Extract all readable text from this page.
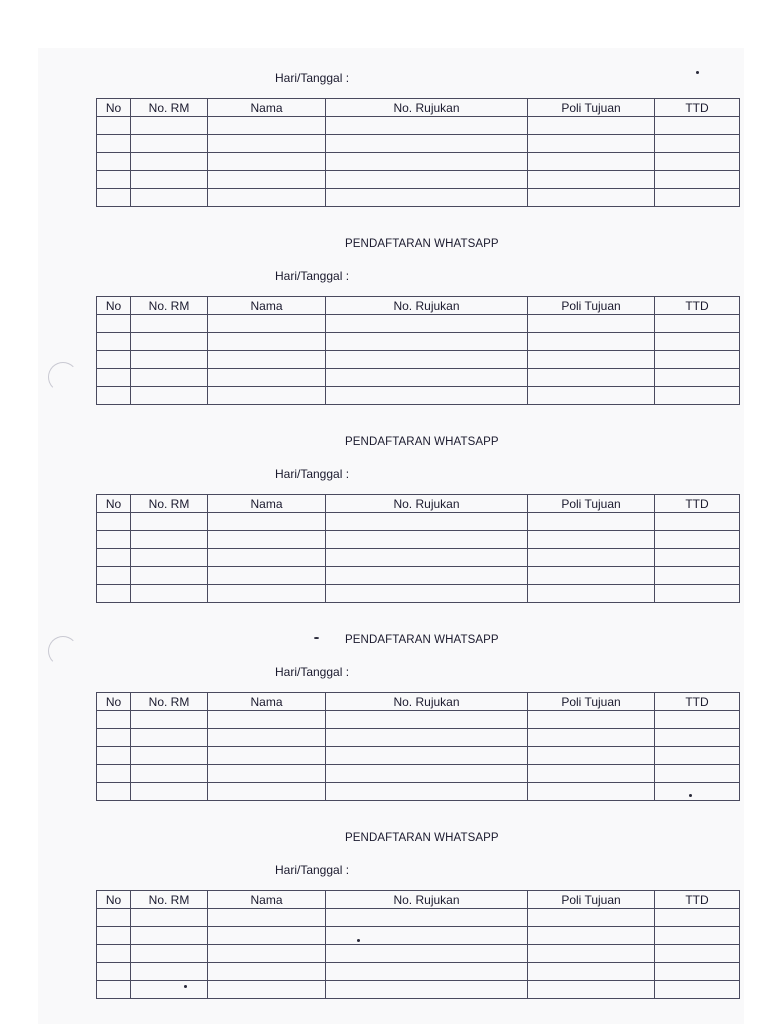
Hari/Tanggal :
No	No. RM	Nama	No. Rujukan	Poli Tujuan	TTD

PENDAFTARAN WHATSAPP
Hari/Tanggal :
No	No. RM	Nama	No. Rujukan	Poli Tujuan	TTD

PENDAFTARAN WHATSAPP
Hari/Tanggal :
No	No. RM	Nama	No. Rujukan	Poli Tujuan	TTD

PENDAFTARAN WHATSAPP
Hari/Tanggal :
No	No. RM	Nama	No. Rujukan	Poli Tujuan	TTD

PENDAFTARAN WHATSAPP
Hari/Tanggal :
No	No. RM	Nama	No. Rujukan	Poli Tujuan	TTD
